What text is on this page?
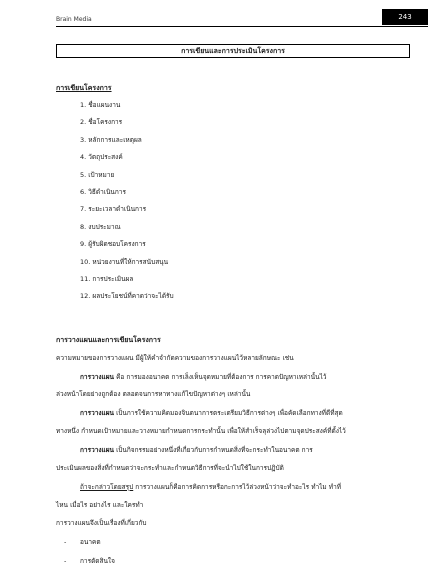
Brain Media	243
การเขียนและการประเมินโครงการ
การเขียนโครงการ
1. ชื่อแผนงาน
2. ชื่อโครงการ
3. หลักการและเหตุผล
4. วัตถุประสงค์
5. เป้าหมาย
6. วิธีดำเนินการ
7. ระยะเวลาดำเนินการ
8. งบประมาณ
9. ผู้รับผิดชอบโครงการ
10. หน่วยงานที่ให้การสนับสนุน
11. การประเมินผล
12. ผลประโยชน์ที่คาดว่าจะได้รับ
การวางแผนและการเขียนโครงการ
ความหมายของการวางแผน มีผู้ให้คำจำกัดความของการวางแผนไว้หลายลักษณะ เช่น
การวางแผน คือ การมองอนาคต การเล็งเห็นจุดหมายที่ต้องการ การคาดปัญหาเหล่านั้นไว้
ล่วงหน้าโดยย่างถูกต้อง ตลอดจนการหาทางแก้ไขปัญหาต่างๆ เหล่านั้น
การวางแผน เป็นการใช้ความคิดมองจินตนาการตระเตรียมวิธีการต่างๆ เพื่อคัดเลือกทางที่ดีที่สุด
ทางหนึ่ง กำหนดเป้าหมายและวางหมายกำหนดการกระทำนั้น เพื่อให้สำเร็จลุล่วงไปตามจุดประสงค์ที่ตั้งไว้
การวางแผน เป็นกิจกรรมอย่างหนึ่งที่เกี่ยวกับการกำหนดสิ่งที่จะกระทำในอนาคต การ
ประเมินผลของสิ่งที่กำหนดว่าจะกระทำและกำหนดวิธีการที่จะนำไปใช้ในการปฏิบัติ
ถ้าจะกล่าวโดยสรุป การวางแผนก็คือการคิดการหรือกะการไว้ล่วงหน้าว่าจะทำอะไร ทำไม ทำที่
ไหน เมื่อไร อย่างไร และใครทำ
การวางแผนจึงเป็นเรื่องที่เกี่ยวกับ
- อนาคต
- การตัดสินใจ
